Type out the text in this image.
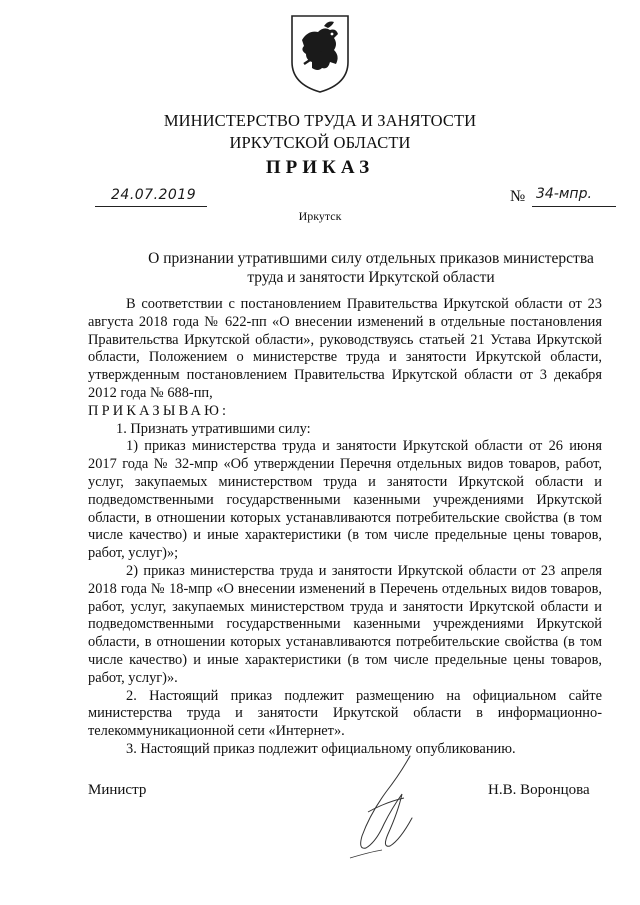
МИНИСТЕРСТВО ТРУДА И ЗАНЯТОСТИ
ИРКУТСКОЙ ОБЛАСТИ
ПРИКАЗ
24.07.2019	№ 34-мпр.
Иркутск
О признании утратившими силу отдельных приказов министерства труда и занятости Иркутской области

В соответствии с постановлением Правительства Иркутской области от 23 августа 2018 года № 622-пп «О внесении изменений в отдельные постановления Правительства Иркутской области», руководствуясь статьей 21 Устава Иркутской области, Положением о министерстве труда и занятости Иркутской области, утвержденным постановлением Правительства Иркутской области от 3 декабря 2012 года № 688-пп,

ПРИКАЗЫВАЮ:

1. Признать утратившими силу:

1) приказ министерства труда и занятости Иркутской области от 26 июня 2017 года № 32-мпр «Об утверждении Перечня отдельных видов товаров, работ, услуг, закупаемых министерством труда и занятости Иркутской области и подведомственными государственными казенными учреждениями Иркутской области, в отношении которых устанавливаются потребительские свойства (в том числе качество) и иные характеристики (в том числе предельные цены товаров, работ, услуг)»;

2) приказ министерства труда и занятости Иркутской области от 23 апреля 2018 года № 18-мпр «О внесении изменений в Перечень отдельных видов товаров, работ, услуг, закупаемых министерством труда и занятости Иркутской области и подведомственными государственными казенными учреждениями Иркутской области, в отношении которых устанавливаются потребительские свойства (в том числе качество) и иные характеристики (в том числе предельные цены товаров, работ, услуг)».

2. Настоящий приказ подлежит размещению на официальном сайте министерства труда и занятости Иркутской области в информационно-телекоммуникационной сети «Интернет».

3. Настоящий приказ подлежит официальному опубликованию.

Министр	Н.В. Воронцова
